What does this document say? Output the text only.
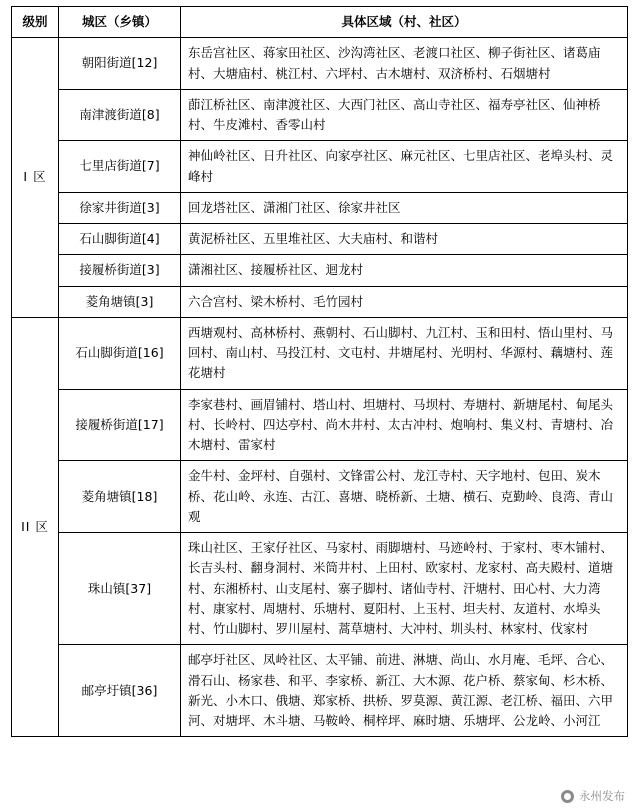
级别	城区（乡镇）	具体区域（村、社区）
I 区	朝阳街道[12]	东岳宫社区、蒋家田社区、沙沟湾社区、老渡口社区、柳子街社区、诸葛庙村、大塘庙村、桃江村、六坪村、古木塘村、双济桥村、石烟塘村
	南津渡街道[8]	莭江桥社区、南津渡社区、大西门社区、高山寺社区、福寿亭社区、仙神桥村、牛皮滩村、香零山村
	七里店街道[7]	神仙岭社区、日升社区、向家亭社区、麻元社区、七里店社区、老埠头村、灵峰村
	徐家井街道[3]	回龙塔社区、潇湘门社区、徐家井社区
	石山脚街道[4]	黄泥桥社区、五里堆社区、大夫庙村、和谐村
	接履桥街道[3]	潇湘社区、接履桥社区、迴龙村
	菱角塘镇[3]	六合宫村、梁木桥村、毛竹园村
II 区	石山脚街道[16]	西塘观村、高林桥村、燕朝村、石山脚村、九江村、玉和田村、悟山里村、马回村、南山村、马投江村、文屯村、井塘尾村、光明村、华源村、藕塘村、莲花塘村
	接履桥街道[17]	李家巷村、画眉铺村、塔山村、坦塘村、马坝村、寿塘村、新塘尾村、甸尾头村、长岭村、四达亭村、尚木井村、太古冲村、炮响村、集义村、青塘村、冶木塘村、雷家村
	菱角塘镇[18]	金牛村、金坪村、自强村、文锋雷公村、龙江寺村、天字地村、包田、炭木桥、花山岭、永连、古江、喜塘、晓桥新、土塘、横石、克勤岭、良湾、青山观
	珠山镇[37]	珠山社区、王家仔社区、马家村、雨脚塘村、马迹岭村、于家村、枣木铺村、长吉头村、翻身洞村、米筒井村、上田村、欧家村、龙家村、高夫殿村、道塘村、东湘桥村、山支尾村、寨子脚村、诸仙寺村、汗塘村、田心村、大力湾村、康家村、周塘村、乐塘村、夏阳村、上玉村、坦夫村、友道村、水埠头村、竹山脚村、罗川屋村、蒿草塘村、大冲村、圳头村、林家村、伐家村
	邮亭圩镇[36]	邮亭圩社区、凤岭社区、太平铺、前进、淋塘、尚山、水月庵、毛坪、合心、滑石山、杨家巷、和平、李家桥、新江、大木源、花户桥、蔡家甸、杉木桥、新光、小木口、俄塘、郑家桥、拱桥、罗莫源、黄江源、老江桥、福田、六甲河、对塘坪、木斗塘、马鞍岭、桐梓坪、麻时塘、乐塘坪、公龙岭、小河江
永州发布
